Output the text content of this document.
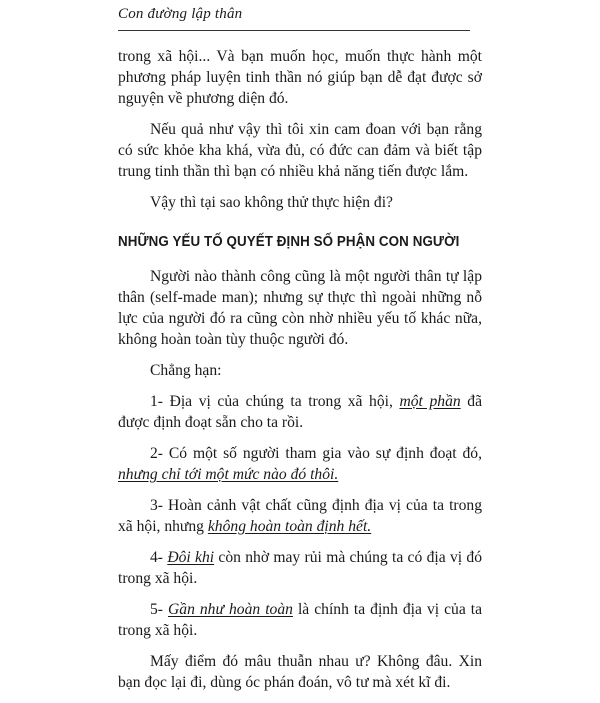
Con đường lập thân

trong xã hội... Và bạn muốn học, muốn thực hành một phương pháp luyện tinh thần nó giúp bạn dễ đạt được sở nguyện về phương diện đó.

Nếu quả như vậy thì tôi xin cam đoan với bạn rằng có sức khỏe kha khá, vừa đủ, có đức can đảm và biết tập trung tinh thần thì bạn có nhiều khả năng tiến được lắm.

Vậy thì tại sao không thử thực hiện đi?

NHỮNG YẾU TỐ QUYẾT ĐỊNH SỐ PHẬN CON NGƯỜI

Người nào thành công cũng là một người thân tự lập thân (self-made man); nhưng sự thực thì ngoài những nỗ lực của người đó ra cũng còn nhờ nhiều yếu tố khác nữa, không hoàn toàn tùy thuộc người đó.

Chẳng hạn:

1- Địa vị của chúng ta trong xã hội, một phần đã được định đoạt sẵn cho ta rồi.

2- Có một số người tham gia vào sự định đoạt đó, nhưng chỉ tới một mức nào đó thôi.

3- Hoàn cảnh vật chất cũng định địa vị của ta trong xã hội, nhưng không hoàn toàn định hết.

4- Đôi khi còn nhờ may rủi mà chúng ta có địa vị đó trong xã hội.

5- Gần như hoàn toàn là chính ta định địa vị của ta trong xã hội.

Mấy điểm đó mâu thuẫn nhau ư? Không đâu. Xin bạn đọc lại đi, dùng óc phán đoán, vô tư mà xét kĩ đi.
